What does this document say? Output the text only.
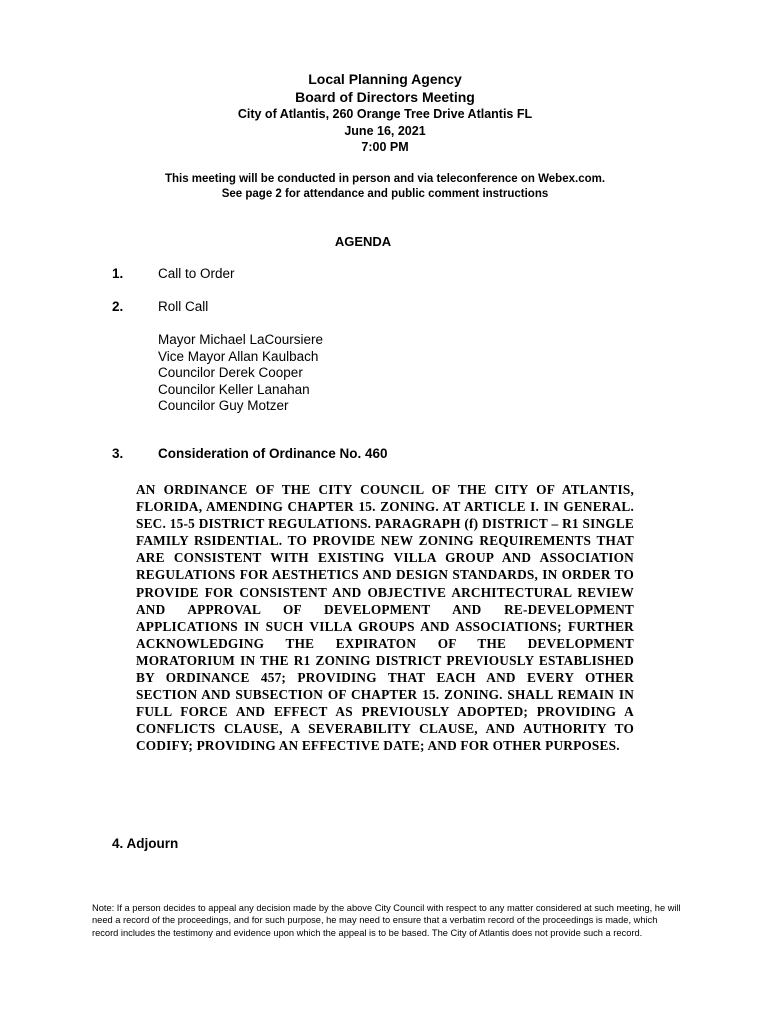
Local Planning Agency
Board of Directors Meeting
City of Atlantis, 260 Orange Tree Drive Atlantis FL
June 16, 2021
7:00 PM
This meeting will be conducted in person and via teleconference on Webex.com.
See page 2 for attendance and public comment instructions
AGENDA
1.	Call to Order
2.	Roll Call
Mayor Michael LaCoursiere
Vice Mayor Allan Kaulbach
Councilor Derek Cooper
Councilor Keller Lanahan
Councilor Guy Motzer
3.	Consideration of Ordinance No. 460
AN ORDINANCE OF THE CITY COUNCIL OF THE CITY OF ATLANTIS, FLORIDA, AMENDING CHAPTER 15. ZONING. AT ARTICLE I. IN GENERAL. SEC. 15-5 DISTRICT REGULATIONS. PARAGRAPH (f) DISTRICT – R1 SINGLE FAMILY RSIDENTIAL. TO PROVIDE NEW ZONING REQUIREMENTS THAT ARE CONSISTENT WITH EXISTING VILLA GROUP AND ASSOCIATION REGULATIONS FOR AESTHETICS AND DESIGN STANDARDS, IN ORDER TO PROVIDE FOR CONSISTENT AND OBJECTIVE ARCHITECTURAL REVIEW AND APPROVAL OF DEVELOPMENT AND RE-DEVELOPMENT APPLICATIONS IN SUCH VILLA GROUPS AND ASSOCIATIONS; FURTHER ACKNOWLEDGING THE EXPIRATON OF THE DEVELOPMENT MORATORIUM IN THE R1 ZONING DISTRICT PREVIOUSLY ESTABLISHED BY ORDINANCE 457; PROVIDING THAT EACH AND EVERY OTHER SECTION AND SUBSECTION OF CHAPTER 15. ZONING. SHALL REMAIN IN FULL FORCE AND EFFECT AS PREVIOUSLY ADOPTED; PROVIDING A CONFLICTS CLAUSE, A SEVERABILITY CLAUSE, AND AUTHORITY TO CODIFY; PROVIDING AN EFFECTIVE DATE; AND FOR OTHER PURPOSES.
4. Adjourn
Note: If a person decides to appeal any decision made by the above City Council with respect to any matter considered at such meeting, he will need a record of the proceedings, and for such purpose, he may need to ensure that a verbatim record of the proceedings is made, which record includes the testimony and evidence upon which the appeal is to be based. The City of Atlantis does not provide such a record.
